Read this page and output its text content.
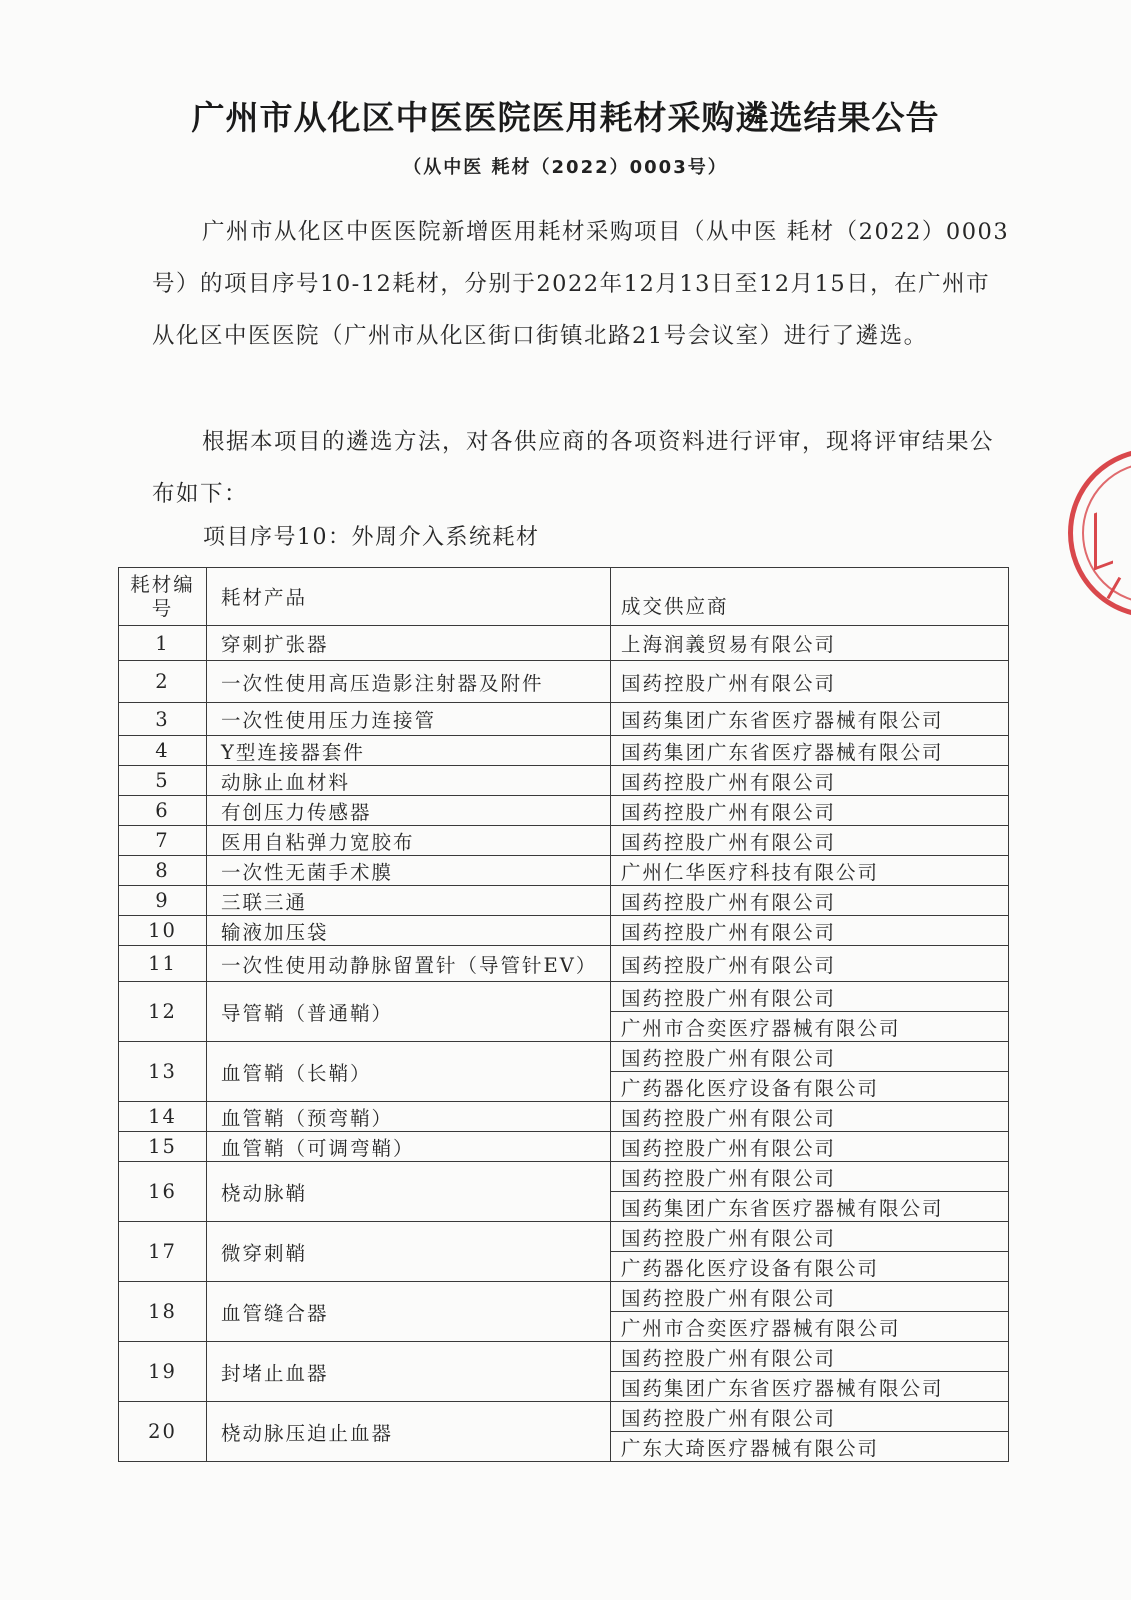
广州市从化区中医医院医用耗材采购遴选结果公告
（从中医 耗材（2022）0003号）

广州市从化区中医医院新增医用耗材采购项目（从中医 耗材（2022）0003号）的项目序号10-12耗材，分别于2022年12月13日至12月15日，在广州市从化区中医医院（广州市从化区街口街镇北路21号会议室）进行了遴选。

根据本项目的遴选方法，对各供应商的各项资料进行评审，现将评审结果公布如下：

项目序号10：外周介入系统耗材
耗材编号	耗材产品	成交供应商
1	穿刺扩张器	上海润義贸易有限公司
2	一次性使用高压造影注射器及附件	国药控股广州有限公司
3	一次性使用压力连接管	国药集团广东省医疗器械有限公司
4	Y型连接器套件	国药集团广东省医疗器械有限公司
5	动脉止血材料	国药控股广州有限公司
6	有创压力传感器	国药控股广州有限公司
7	医用自粘弹力宽胶布	国药控股广州有限公司
8	一次性无菌手术膜	广州仁华医疗科技有限公司
9	三联三通	国药控股广州有限公司
10	输液加压袋	国药控股广州有限公司
11	一次性使用动静脉留置针（导管针EV）	国药控股广州有限公司
12	导管鞘（普通鞘）	国药控股广州有限公司
		广州市合奕医疗器械有限公司
13	血管鞘（长鞘）	国药控股广州有限公司
		广药器化医疗设备有限公司
14	血管鞘（预弯鞘）	国药控股广州有限公司
15	血管鞘（可调弯鞘）	国药控股广州有限公司
16	桡动脉鞘	国药控股广州有限公司
		国药集团广东省医疗器械有限公司
17	微穿刺鞘	国药控股广州有限公司
		广药器化医疗设备有限公司
18	血管缝合器	国药控股广州有限公司
		广州市合奕医疗器械有限公司
19	封堵止血器	国药控股广州有限公司
		国药集团广东省医疗器械有限公司
20	桡动脉压迫止血器	国药控股广州有限公司
		广东大琦医疗器械有限公司
